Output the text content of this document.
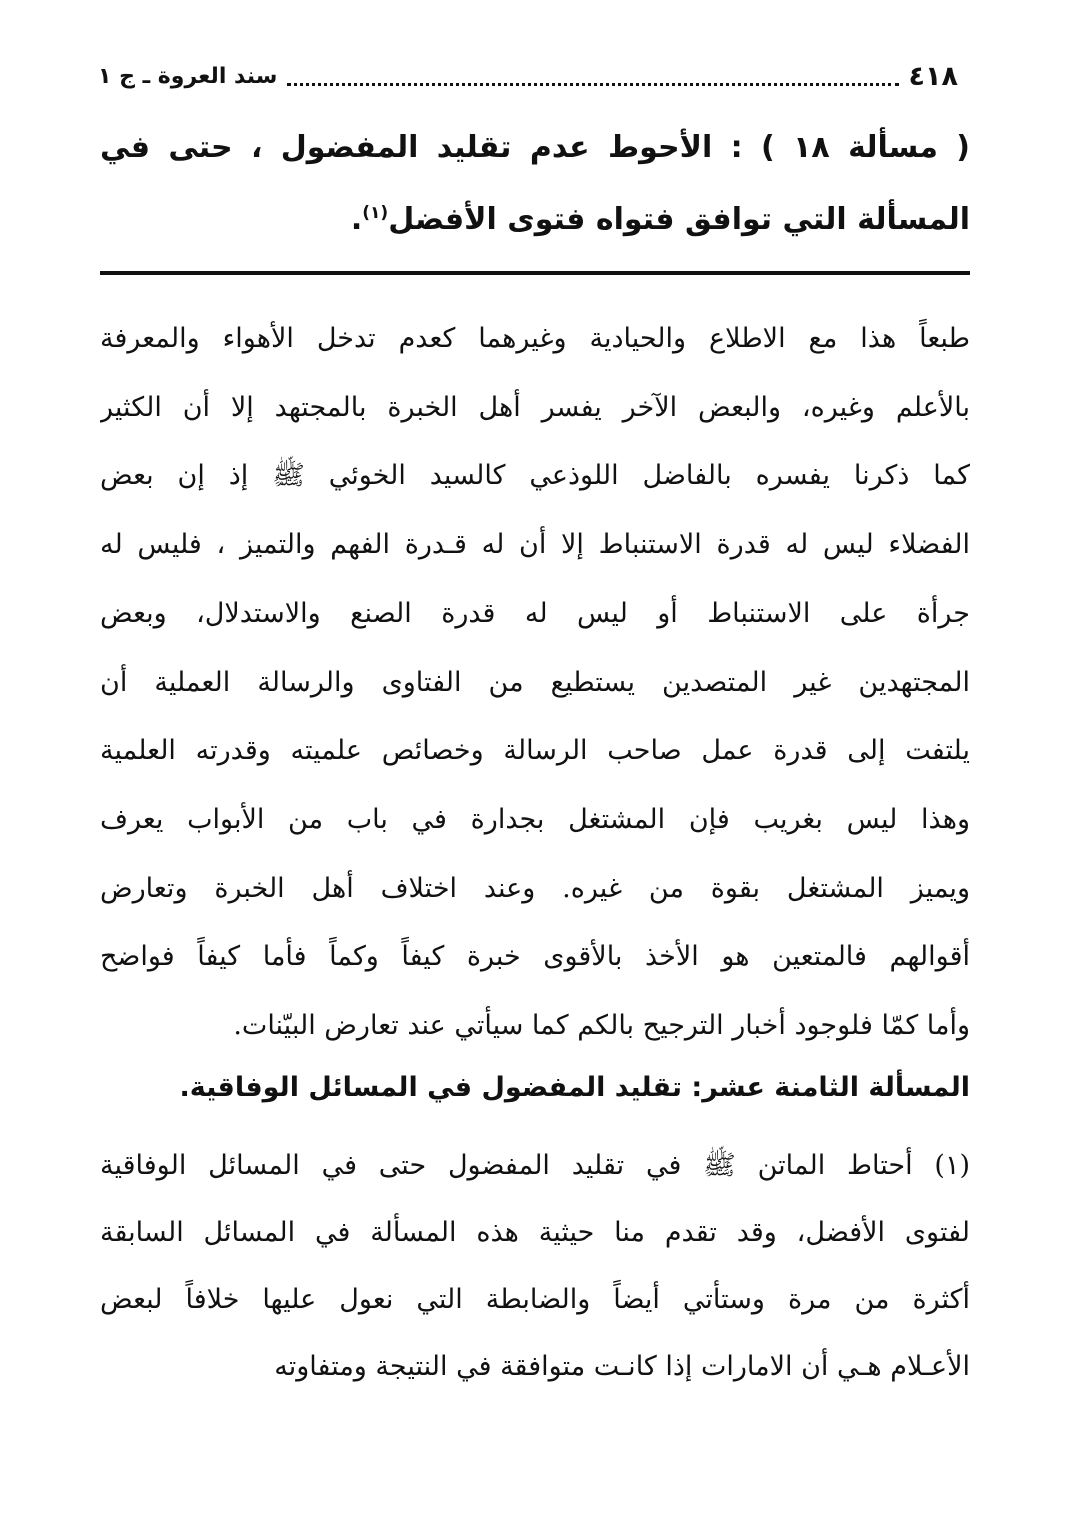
٤١٨
سند العروة ـ ج ١
( مسألة ١٨ ) : الأحوط عدم تقليد المفضول ، حتى في المسألة التي توافق فتواه فتوى الأفضل$^{(١)}$.
طبعاً هذا مع الاطلاع والحيادية وغيرهما كعدم تدخل الأهواء والمعرفة
بالأعلم وغيره، والبعض الآخر يفسر أهل الخبرة بالمجتهد إلا أن الكثير
كما ذكرنا يفسره بالفاضل اللوذعي كالسيد الخوئي ﷺ إذ إن بعض
الفضلاء ليس له قدرة الاستنباط إلا أن له قـدرة الفهم والتميز ، فليس له
جرأة على الاستنباط أو ليس له قدرة الصنع والاستدلال، وبعض
المجتهدين غير المتصدين يستطيع من الفتاوى والرسالة العملية أن
يلتفت إلى قدرة عمل صاحب الرسالة وخصائص علميته وقدرته العلمية
وهذا ليس بغريب فإن المشتغل بجدارة في باب من الأبواب يعرف
ويميز المشتغل بقوة من غيره. وعند اختلاف أهل الخبرة وتعارض
أقوالهم فالمتعين هو الأخذ بالأقوى خبرة كيفاً وكماً فأما كيفاً فواضح
وأما كمّا فلوجود أخبار الترجيح بالكم كما سيأتي عند تعارض البيّنات.
المسألة الثامنة عشر: تقليد المفضول في المسائل الوفاقية.
(١) أحتاط الماتن ﷺ في تقليد المفضول حتى في المسائل الوفاقية
لفتوى الأفضل، وقد تقدم منا حيثية هذه المسألة في المسائل السابقة
أكثرة من مرة وستأتي أيضاً والضابطة التي نعول عليها خلافاً لبعض
الأعـلام هـي أن الامارات إذا كانـت متوافقة في النتيجة ومتفاوته
